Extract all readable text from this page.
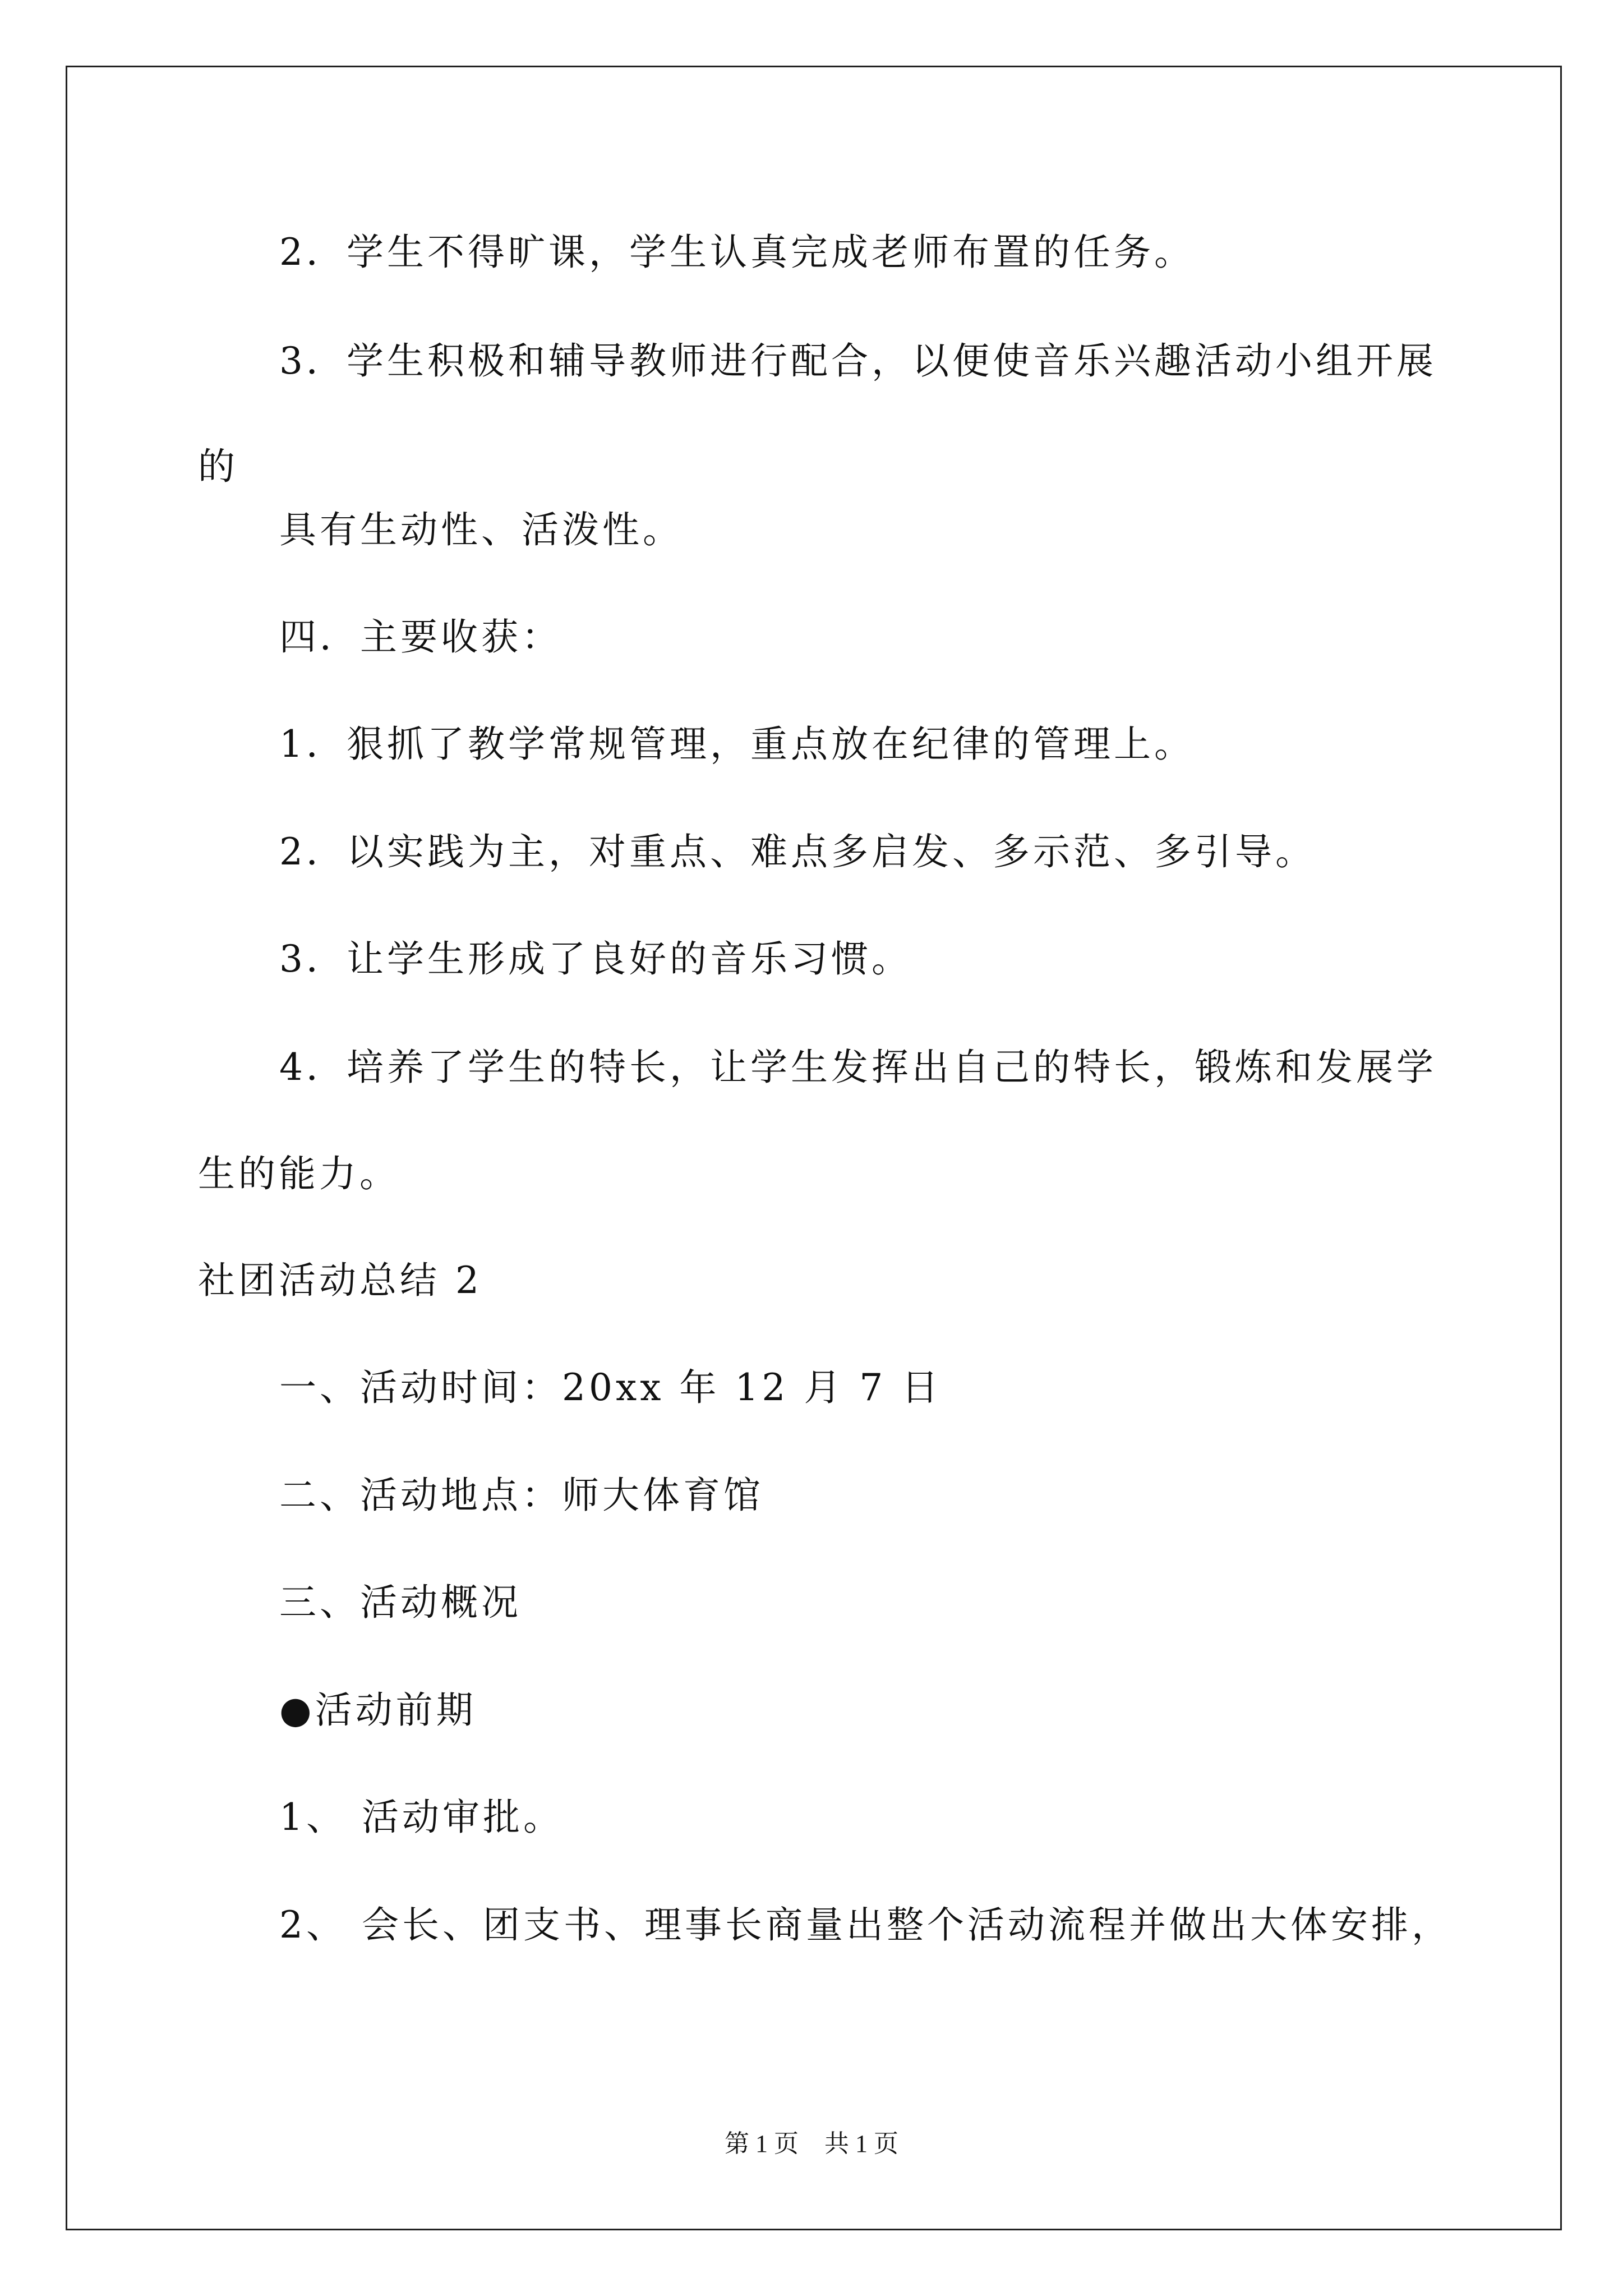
2．学生不得旷课，学生认真完成老师布置的任务。
3．学生积极和辅导教师进行配合，以便使音乐兴趣活动小组开展
的
具有生动性、活泼性。
四．主要收获：
1．狠抓了教学常规管理，重点放在纪律的管理上。
2．以实践为主，对重点、难点多启发、多示范、多引导。
3．让学生形成了良好的音乐习惯。
4．培养了学生的特长，让学生发挥出自己的特长，锻炼和发展学
生的能力。
社团活动总结 2
一、活动时间：20xx 年 12 月 7 日
二、活动地点：师大体育馆
三、活动概况
●活动前期
1、 活动审批。
2、 会长、团支书、理事长商量出整个活动流程并做出大体安排，
第 1 页 共 1 页
